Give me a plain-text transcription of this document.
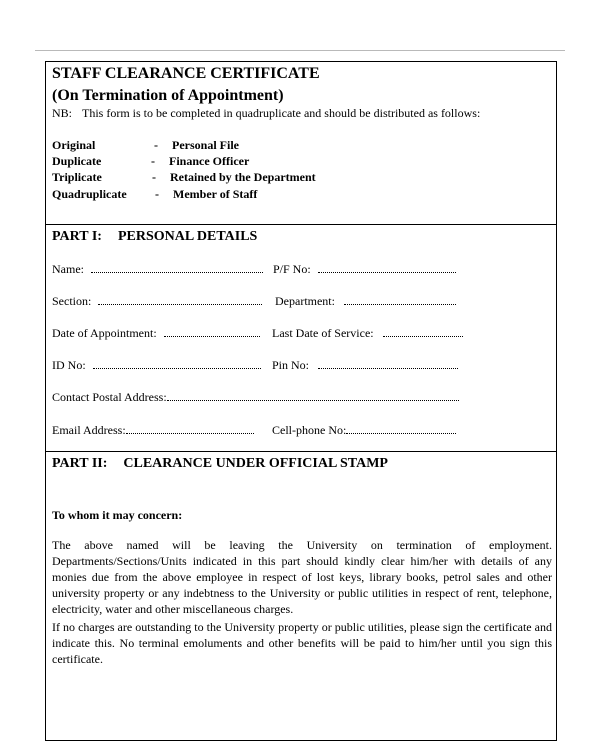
STAFF CLEARANCE CERTIFICATE
(On Termination of Appointment)
NB: This form is to be completed in quadruplicate and should be distributed as follows:
Original	- Personal File
Duplicate	- Finance Officer
Triplicate	- Retained by the Department
Quadruplicate - Member of Staff
PART I: PERSONAL DETAILS
Name:	P/F No:
Section:	Department:
Date of Appointment:	Last Date of Service:
ID No:	Pin No:
Contact Postal Address:
Email Address:	Cell-phone No:
PART II: CLEARANCE UNDER OFFICIAL STAMP
To whom it may concern:
The above named will be leaving the University on termination of employment. Departments/Sections/Units indicated in this part should kindly clear him/her with details of any monies due from the above employee in respect of lost keys, library books, petrol sales and other university property or any indebtness to the University or public utilities in respect of rent, telephone, electricity, water and other miscellaneous charges.
If no charges are outstanding to the University property or public utilities, please sign the certificate and indicate this. No terminal emoluments and other benefits will be paid to him/her until you sign this certificate.
